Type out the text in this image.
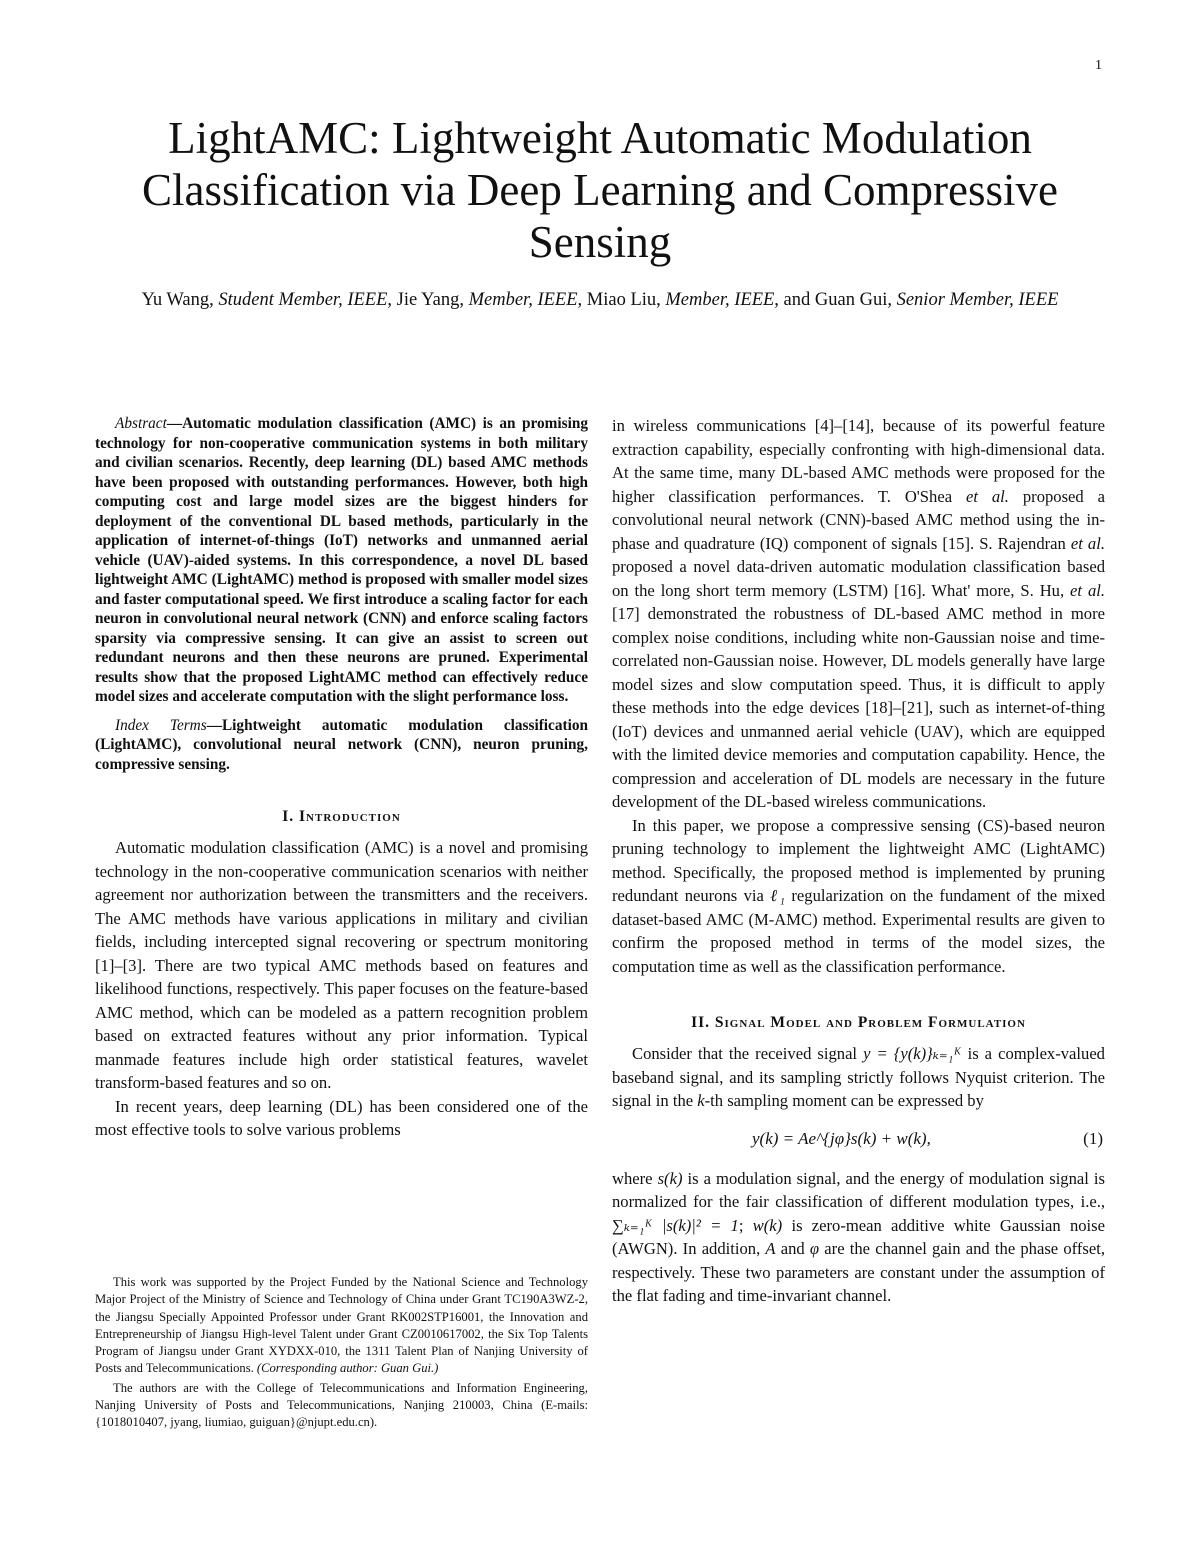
1
LightAMC: Lightweight Automatic Modulation Classification via Deep Learning and Compressive Sensing
Yu Wang, Student Member, IEEE, Jie Yang, Member, IEEE, Miao Liu, Member, IEEE, and Guan Gui, Senior Member, IEEE

Abstract—Automatic modulation classification (AMC) is an promising technology for non-cooperative communication systems in both military and civilian scenarios. Recently, deep learning (DL) based AMC methods have been proposed with outstanding performances. However, both high computing cost and large model sizes are the biggest hinders for deployment of the conventional DL based methods, particularly in the application of internet-of-things (IoT) networks and unmanned aerial vehicle (UAV)-aided systems. In this correspondence, a novel DL based lightweight AMC (LightAMC) method is proposed with smaller model sizes and faster computational speed. We first introduce a scaling factor for each neuron in convolutional neural network (CNN) and enforce scaling factors sparsity via compressive sensing. It can give an assist to screen out redundant neurons and then these neurons are pruned. Experimental results show that the proposed LightAMC method can effectively reduce model sizes and accelerate computation with the slight performance loss.

Index Terms—Lightweight automatic modulation classification (LightAMC), convolutional neural network (CNN), neuron pruning, compressive sensing.

I. Introduction

Automatic modulation classification (AMC) is a novel and promising technology in the non-cooperative communication scenarios with neither agreement nor authorization between the transmitters and the receivers. The AMC methods have various applications in military and civilian fields, including intercepted signal recovering or spectrum monitoring [1]–[3]. There are two typical AMC methods based on features and likelihood functions, respectively. This paper focuses on the feature-based AMC method, which can be modeled as a pattern recognition problem based on extracted features without any prior information. Typical manmade features include high order statistical features, wavelet transform-based features and so on.

In recent years, deep learning (DL) has been considered one of the most effective tools to solve various problems

This work was supported by the Project Funded by the National Science and Technology Major Project of the Ministry of Science and Technology of China under Grant TC190A3WZ-2, the Jiangsu Specially Appointed Professor under Grant RK002STP16001, the Innovation and Entrepreneurship of Jiangsu High-level Talent under Grant CZ0010617002, the Six Top Talents Program of Jiangsu under Grant XYDXX-010, the 1311 Talent Plan of Nanjing University of Posts and Telecommunications. (Corresponding author: Guan Gui.)

The authors are with the College of Telecommunications and Information Engineering, Nanjing University of Posts and Telecommunications, Nanjing 210003, China (E-mails: {1018010407, jyang, liumiao, guiguan}@njupt.edu.cn).

in wireless communications [4]–[14], because of its powerful feature extraction capability, especially confronting with high-dimensional data. At the same time, many DL-based AMC methods were proposed for the higher classification performances. T. O'Shea et al. proposed a convolutional neural network (CNN)-based AMC method using the in-phase and quadrature (IQ) component of signals [15]. S. Rajendran et al. proposed a novel data-driven automatic modulation classification based on the long short term memory (LSTM) [16]. What' more, S. Hu, et al. [17] demonstrated the robustness of DL-based AMC method in more complex noise conditions, including white non-Gaussian noise and time-correlated non-Gaussian noise. However, DL models generally have large model sizes and slow computation speed. Thus, it is difficult to apply these methods into the edge devices [18]–[21], such as internet-of-thing (IoT) devices and unmanned aerial vehicle (UAV), which are equipped with the limited device memories and computation capability. Hence, the compression and acceleration of DL models are necessary in the future development of the DL-based wireless communications.

In this paper, we propose a compressive sensing (CS)-based neuron pruning technology to implement the lightweight AMC (LightAMC) method. Specifically, the proposed method is implemented by pruning redundant neurons via ℓ₁ regularization on the fundament of the mixed dataset-based AMC (M-AMC) method. Experimental results are given to confirm the proposed method in terms of the model sizes, the computation time as well as the classification performance.

II. Signal Model and Problem Formulation

Consider that the received signal y = {y(k)}ₖ₌₁ᴷ is a complex-valued baseband signal, and its sampling strictly follows Nyquist criterion. The signal in the k-th sampling moment can be expressed by

y(k) = Ae^{jφ}s(k) + w(k),	(1)

where s(k) is a modulation signal, and the energy of modulation signal is normalized for the fair classification of different modulation types, i.e., ∑ₖ₌₁ᴷ |s(k)|² = 1; w(k) is zero-mean additive white Gaussian noise (AWGN). In addition, A and φ are the channel gain and the phase offset, respectively. These two parameters are constant under the assumption of the flat fading and time-invariant channel.
